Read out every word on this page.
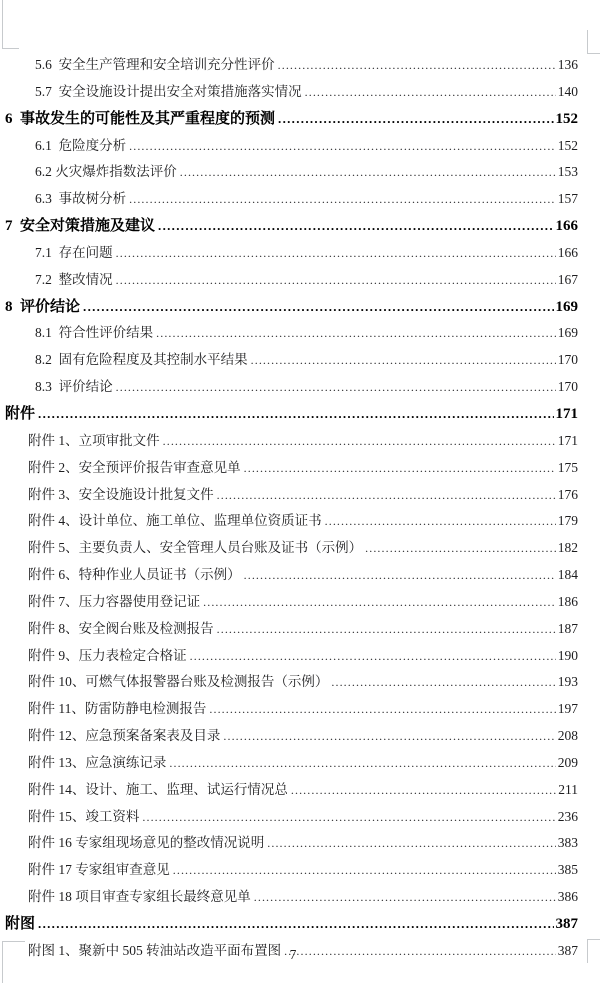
5.6  安全生产管理和安全培训充分性评价 .....	136
5.7  安全设施设计提出安全对策措施落实情况 .....	140
6  事故发生的可能性及其严重程度的预测 .....	152
6.1  危险度分析 .....	152
6.2 火灾爆炸指数法评价 .....	153
6.3  事故树分析 .....	157
7  安全对策措施及建议 .....	166
7.1  存在问题 .....	166
7.2  整改情况 .....	167
8  评价结论 .....	169
8.1  符合性评价结果 .....	169
8.2  固有危险程度及其控制水平结果 .....	170
8.3  评价结论 .....	170
附件 .....	171
附件 1、立项审批文件 .....	171
附件 2、安全预评价报告审查意见单 .....	175
附件 3、安全设施设计批复文件 .....	176
附件 4、设计单位、施工单位、监理单位资质证书 .....	179
附件 5、主要负责人、安全管理人员台账及证书（示例） .....	182
附件 6、特种作业人员证书（示例） .....	184
附件 7、压力容器使用登记证 .....	186
附件 8、安全阀台账及检测报告 .....	187
附件 9、压力表检定合格证 .....	190
附件 10、可燃气体报警器台账及检测报告（示例） .....	193
附件 11、防雷防静电检测报告 .....	197
附件 12、应急预案备案表及目录 .....	208
附件 13、应急演练记录 .....	209
附件 14、设计、施工、监理、试运行情况总 .....	211
附件 15、竣工资料 .....	236
附件 16 专家组现场意见的整改情况说明 .....	383
附件 17 专家组审查意见 .....	385
附件 18 项目审查专家组长最终意见单 .....	386
附图 .....	387
附图 1、聚新中 505 转油站改造平面布置图 .....	387
7
